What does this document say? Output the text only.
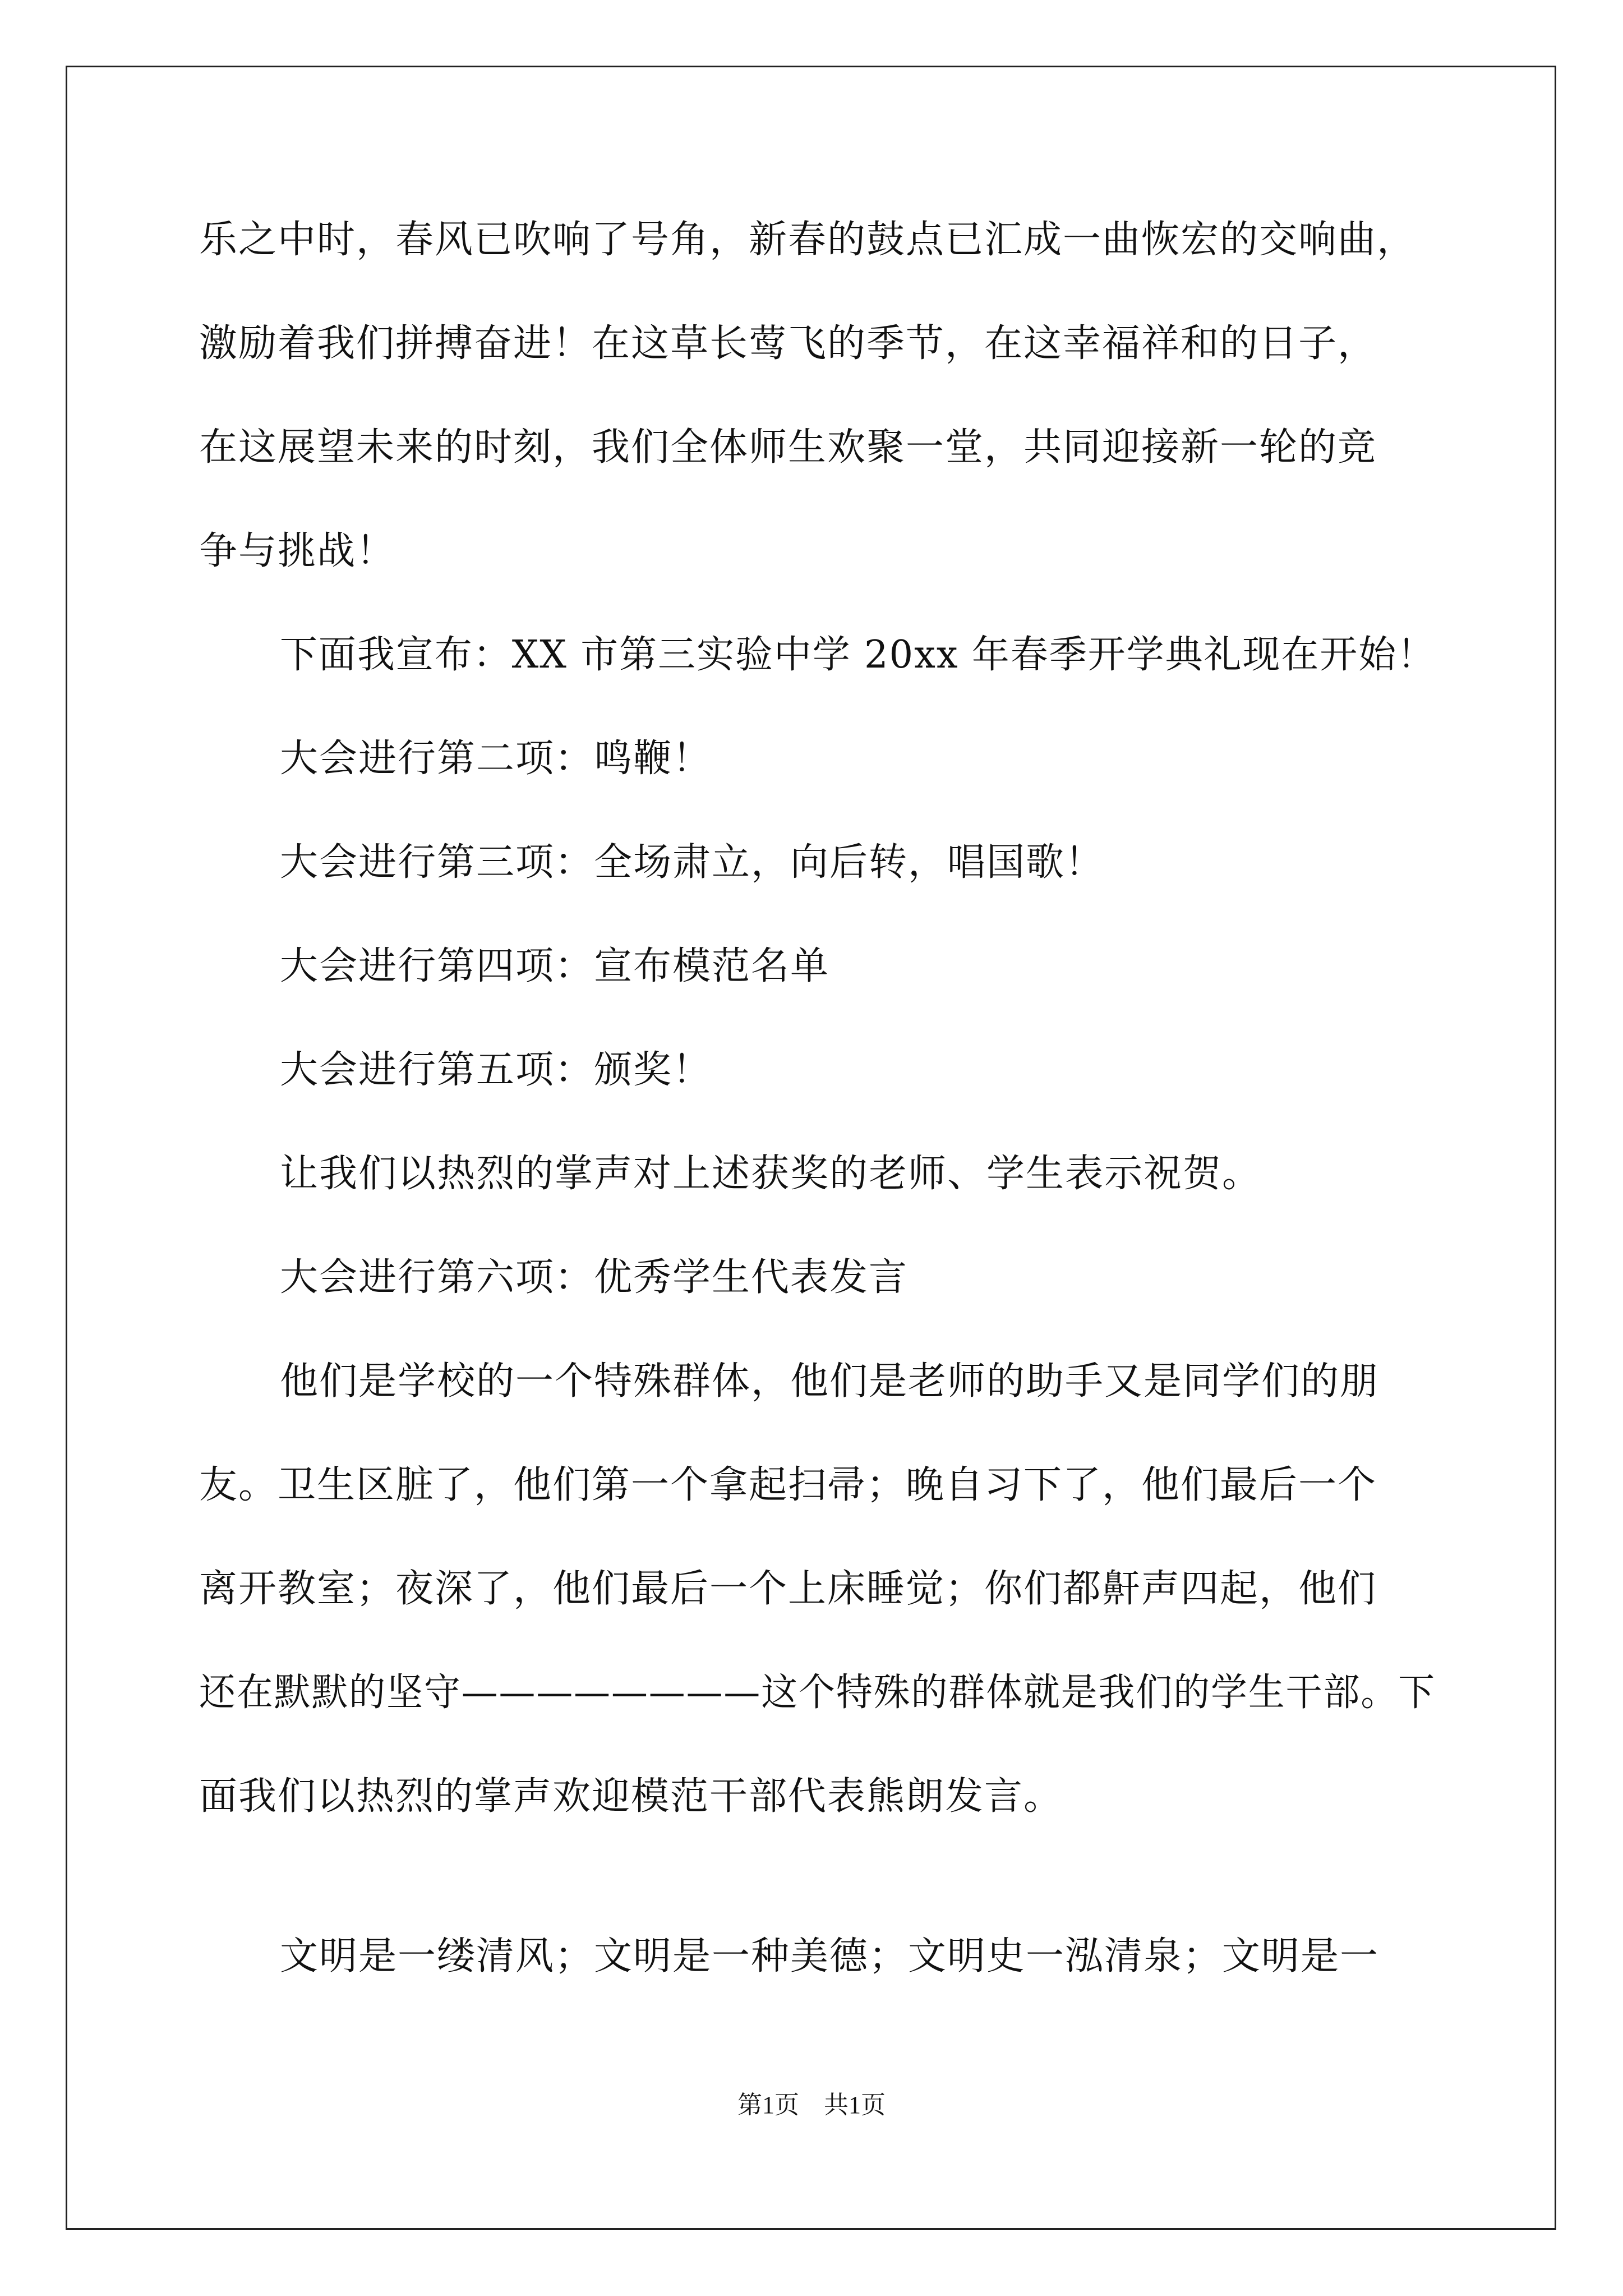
乐之中时，春风已吹响了号角，新春的鼓点已汇成一曲恢宏的交响曲，
激励着我们拼搏奋进！在这草长莺飞的季节，在这幸福祥和的日子，
在这展望未来的时刻，我们全体师生欢聚一堂，共同迎接新一轮的竞
争与挑战！
下面我宣布：XX 市第三实验中学 20xx 年春季开学典礼现在开始！
大会进行第二项：鸣鞭！
大会进行第三项：全场肃立，向后转，唱国歌！
大会进行第四项：宣布模范名单
大会进行第五项：颁奖！
让我们以热烈的掌声对上述获奖的老师、学生表示祝贺。
大会进行第六项：优秀学生代表发言
他们是学校的一个特殊群体，他们是老师的助手又是同学们的朋
友。卫生区脏了，他们第一个拿起扫帚；晚自习下了，他们最后一个
离开教室；夜深了，他们最后一个上床睡觉；你们都鼾声四起，他们
还在默默的坚守————————这个特殊的群体就是我们的学生干部。下
面我们以热烈的掌声欢迎模范干部代表熊朗发言。
文明是一缕清风；文明是一种美德；文明史一泓清泉；文明是一
第1页    共1页
